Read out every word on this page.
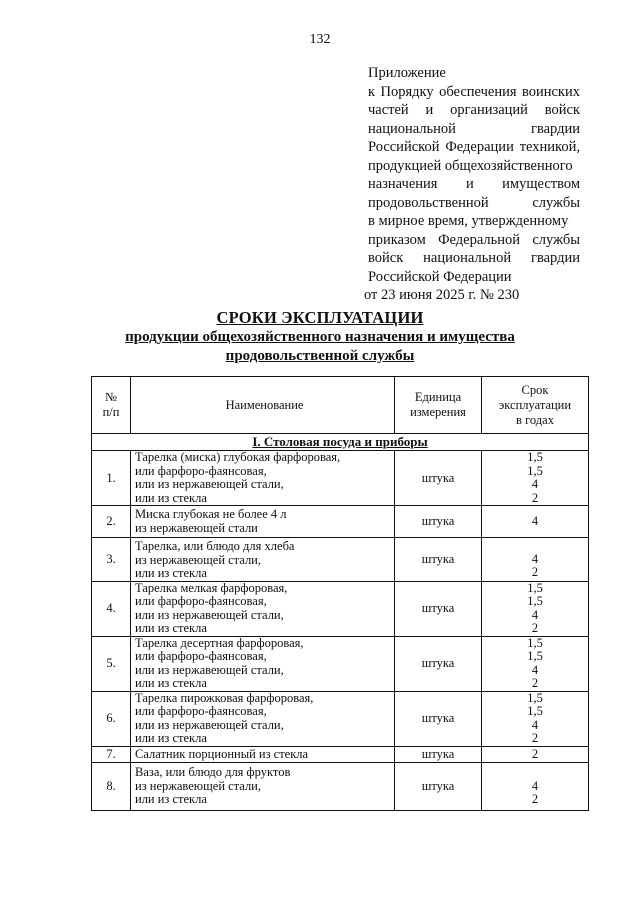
132
Приложение
к Порядку обеспечения воинских
частей и организаций войск
национальной	гвардии
Российской Федерации техникой,
продукцией общехозяйственного
назначения и имуществом
продовольственной	службы
в мирное время, утвержденному
приказом Федеральной службы
войск национальной гвардии
Российской Федерации
от 23 июня 2025 г. № 230
СРОКИ ЭКСПЛУАТАЦИИ
продукции общехозяйственного назначения и имущества
продовольственной службы
№
п/п	Наименование	Единица
измерения	Срок
эксплуатации
в годах

I. Столовая посуда и приборы			
1.	Тарелка (миска) глубокая фарфоровая,
или фарфоро-фаянсовая,
или из нержавеющей стали,
или из стекла	штука	1,5
1,5
4
2

2.	Миска глубокая не более 4 л
из нержавеющей стали	штука	4

3.	Тарелка, или блюдо для хлеба
из нержавеющей стали,
или из стекла	штука	4
2

4.	Тарелка мелкая фарфоровая,
или фарфоро-фаянсовая,
или из нержавеющей стали,
или из стекла	штука	1,5
1,5
4
2

5.	Тарелка десертная фарфоровая,
или фарфоро-фаянсовая,
или из нержавеющей стали,
или из стекла	штука	1,5
1,5
4
2

6.	Тарелка пирожковая фарфоровая,
или фарфоро-фаянсовая,
или из нержавеющей стали,
или из стекла	штука	1,5
1,5
4
2

7.	Салатник порционный из стекла	штука	2

8.	Ваза, или блюдо для фруктов
из нержавеющей стали,
или из стекла	штука	4
2
